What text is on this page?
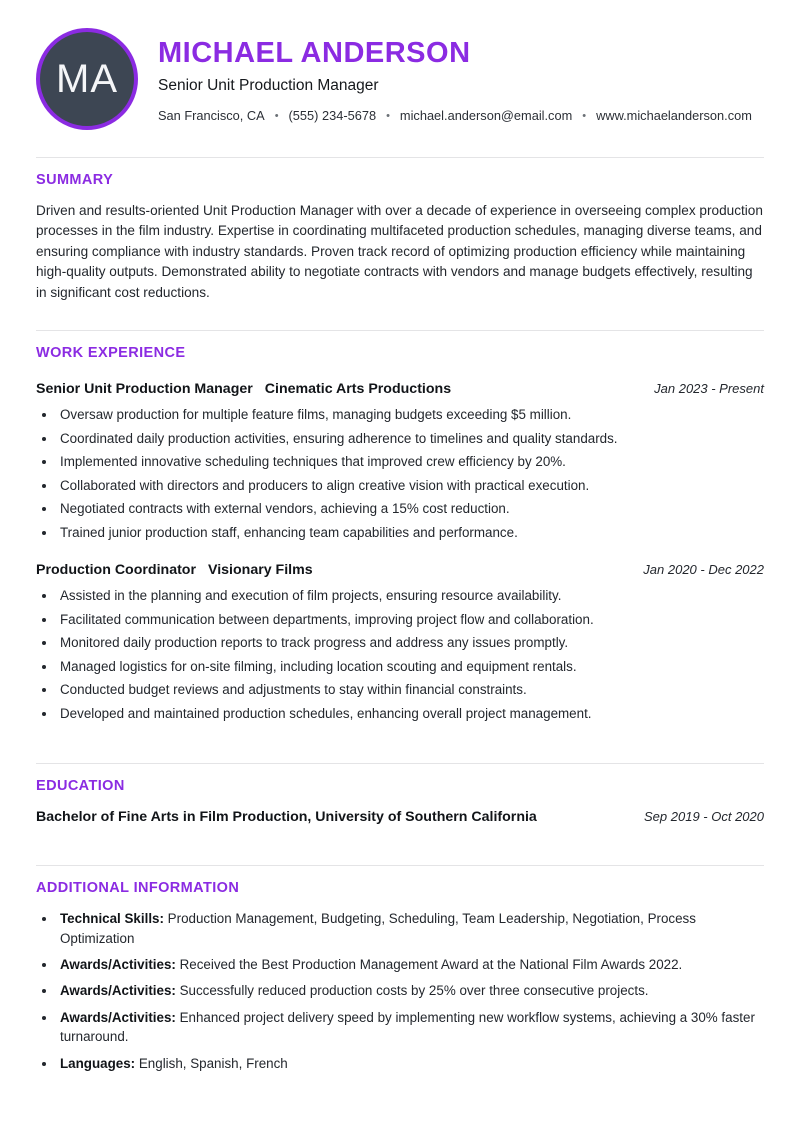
MA
MICHAEL ANDERSON
Senior Unit Production Manager
San Francisco, CA • (555) 234-5678 • michael.anderson@email.com • www.michaelanderson.com
SUMMARY

Driven and results-oriented Unit Production Manager with over a decade of experience in overseeing complex production processes in the film industry. Expertise in coordinating multifaceted production schedules, managing diverse teams, and ensuring compliance with industry standards. Proven track record of optimizing production efficiency while maintaining high-quality outputs. Demonstrated ability to negotiate contracts with vendors and manage budgets effectively, resulting in significant cost reductions.

WORK EXPERIENCE
Senior Unit Production Manager Cinematic Arts Productions	Jan 2023 - Present
• Oversaw production for multiple feature films, managing budgets exceeding $5 million.
• Coordinated daily production activities, ensuring adherence to timelines and quality standards.
• Implemented innovative scheduling techniques that improved crew efficiency by 20%.
• Collaborated with directors and producers to align creative vision with practical execution.
• Negotiated contracts with external vendors, achieving a 15% cost reduction.
• Trained junior production staff, enhancing team capabilities and performance.
Production Coordinator Visionary Films	Jan 2020 - Dec 2022
• Assisted in the planning and execution of film projects, ensuring resource availability.
• Facilitated communication between departments, improving project flow and collaboration.
• Monitored daily production reports to track progress and address any issues promptly.
• Managed logistics for on-site filming, including location scouting and equipment rentals.
• Conducted budget reviews and adjustments to stay within financial constraints.
• Developed and maintained production schedules, enhancing overall project management.
EDUCATION
Bachelor of Fine Arts in Film Production, University of Southern California	Sep 2019 - Oct 2020
ADDITIONAL INFORMATION
• Technical Skills: Production Management, Budgeting, Scheduling, Team Leadership, Negotiation, Process Optimization
• Awards/Activities: Received the Best Production Management Award at the National Film Awards 2022.
• Awards/Activities: Successfully reduced production costs by 25% over three consecutive projects.
• Awards/Activities: Enhanced project delivery speed by implementing new workflow systems, achieving a 30% faster turnaround.
• Languages: English, Spanish, French
